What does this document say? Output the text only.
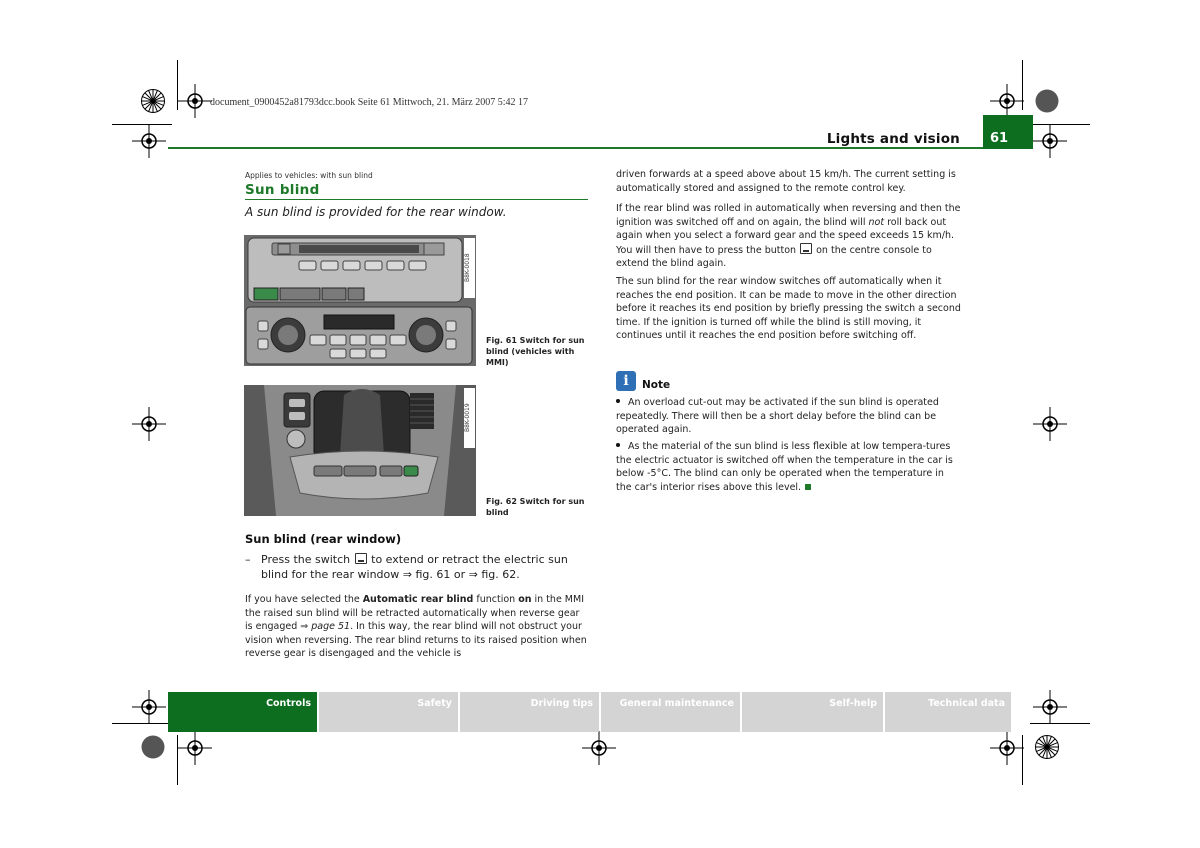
document_0900452a81793dcc.book Seite 61 Mittwoch, 21. März 2007 5:42 17
Lights and vision 61
Applies to vehicles: with sun blind
Sun blind
A sun blind is provided for the rear window.
B8K-0018
Fig. 61 Switch for sun blind (vehicles with MMI)
B8K-0019
Fig. 62 Switch for sun blind
Sun blind (rear window)
– Press the switch to extend or retract the electric sun blind for the rear window ⇒ fig. 61 or ⇒ fig. 62.
If you have selected the Automatic rear blind function on in the MMI the raised sun blind will be retracted automatically when reverse gear is engaged ⇒ page 51. In this way, the rear blind will not obstruct your vision when reversing. The rear blind returns to its raised position when reverse gear is disengaged and the vehicle is
driven forwards at a speed above about 15 km/h. The current setting is automatically stored and assigned to the remote control key.
If the rear blind was rolled in automatically when reversing and then the ignition was switched off and on again, the blind will not roll back out again when you select a forward gear and the speed exceeds 15 km/h. You will then have to press the button on the centre console to extend the blind again.
The sun blind for the rear window switches off automatically when it reaches the end position. It can be made to move in the other direction before it reaches its end position by briefly pressing the switch a second time. If the ignition is turned off while the blind is still moving, it continues until it reaches the end position before switching off.
i	Note
An overload cut-out may be activated if the sun blind is operated repeatedly. There will then be a short delay before the blind can be operated again.
As the material of the sun blind is less flexible at low tempera-tures the electric actuator is switched off when the temperature in the car is below -5°C. The blind can only be operated when the temperature in the car's interior rises above this level.
Controls	Safety	Driving tips	General maintenance	Self-help	Technical data
